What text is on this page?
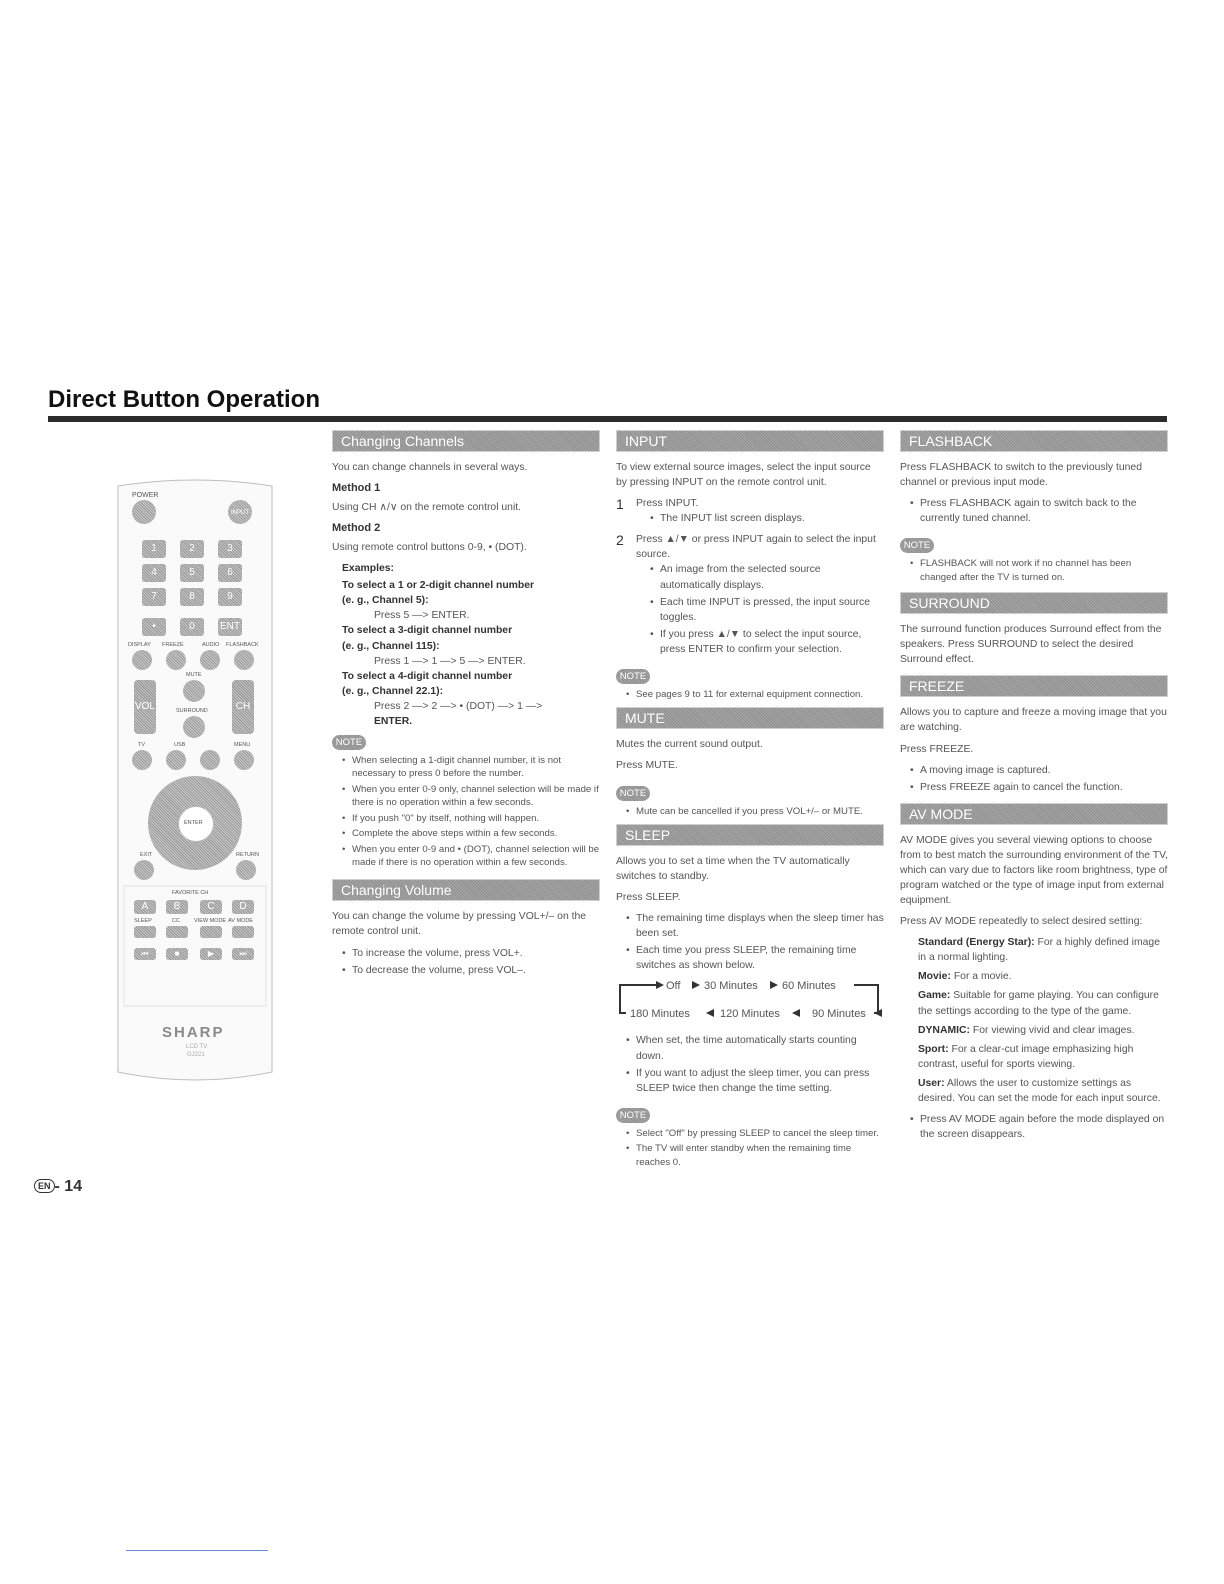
Direct Button Operation
POWER
INPUT
1	2	3
4	5	6
7	8	9
•	0	ENT
DISPLAY FREEZE	AUDIO FLASHBACK
MUTE
VOL	CH
SURROUND
TV	USB	MENU
ENTER
EXIT	RETURN
FAVORITE CH
A	B	C	D
SLEEP	CC	VIEW MODE AV MODE
⏮	■	▶	⏭
SHARP
LCD TV
GJ221
Changing Channels

You can change channels in several ways.

Method 1

Using CH ∧/∨ on the remote control unit.

Method 2

Using remote control buttons 0-9, • (DOT).

Examples:
To select a 1 or 2-digit channel number
(e. g., Channel 5):
Press 5 —> ENTER.
To select a 3-digit channel number
(e. g., Channel 115):
Press 1 —> 1 —> 5 —> ENTER.
To select a 4-digit channel number
(e. g., Channel 22.1):
Press 2 —> 2 —> • (DOT) —> 1 —>
ENTER.
NOTE
• When selecting a 1-digit channel number, it is not necessary to press 0 before the number.
• When you enter 0-9 only, channel selection will be made if there is no operation within a few seconds.
• If you push "0" by itself, nothing will happen.
• Complete the above steps within a few seconds.
• When you enter 0-9 and • (DOT), channel selection will be made if there is no operation within a few seconds.
Changing Volume

You can change the volume by pressing VOL+/– on the remote control unit.

• To increase the volume, press VOL+.
• To decrease the volume, press VOL–.
INPUT

To view external source images, select the input source by pressing INPUT on the remote control unit.

1 Press INPUT.
• The INPUT list screen displays.
2 Press ▲/▼ or press INPUT again to select the input source.
• An image from the selected source automatically displays.
• Each time INPUT is pressed, the input source toggles.
• If you press ▲/▼ to select the input source, press ENTER to confirm your selection.
NOTE
• See pages 9 to 11 for external equipment connection.
MUTE

Mutes the current sound output.

Press MUTE.

NOTE
• Mute can be cancelled if you press VOL+/– or MUTE.
SLEEP

Allows you to set a time when the TV automatically switches to standby.

Press SLEEP.

• The remaining time displays when the sleep timer has been set.
• Each time you press SLEEP, the remaining time switches as shown below.
Off 30 Minutes 60 Minutes
90 Minutes
120 Minutes
180 Minutes
• When set, the time automatically starts counting down.
• If you want to adjust the sleep timer, you can press SLEEP twice then change the time setting.
NOTE
• Select "Off" by pressing SLEEP to cancel the sleep timer.
• The TV will enter standby when the remaining time reaches 0.
FLASHBACK

Press FLASHBACK to switch to the previously tuned channel or previous input mode.

• Press FLASHBACK again to switch back to the currently tuned channel.
NOTE
• FLASHBACK will not work if no channel has been changed after the TV is turned on.
SURROUND

The surround function produces Surround effect from the speakers. Press SURROUND to select the desired Surround effect.

FREEZE

Allows you to capture and freeze a moving image that you are watching.

Press FREEZE.

• A moving image is captured.
• Press FREEZE again to cancel the function.
AV MODE

AV MODE gives you several viewing options to choose from to best match the surrounding environment of the TV, which can vary due to factors like room brightness, type of program watched or the type of image input from external equipment.

Press AV MODE repeatedly to select desired setting:

Standard (Energy Star): For a highly defined image in a normal lighting.
Movie: For a movie.
Game: Suitable for game playing. You can configure the settings according to the type of the game.
DYNAMIC: For viewing vivid and clear images.
Sport: For a clear-cut image emphasizing high contrast, useful for sports viewing.
User: Allows the user to customize settings as desired. You can set the mode for each input source.
• Press AV MODE again before the mode displayed on the screen disappears.
EN - 14
